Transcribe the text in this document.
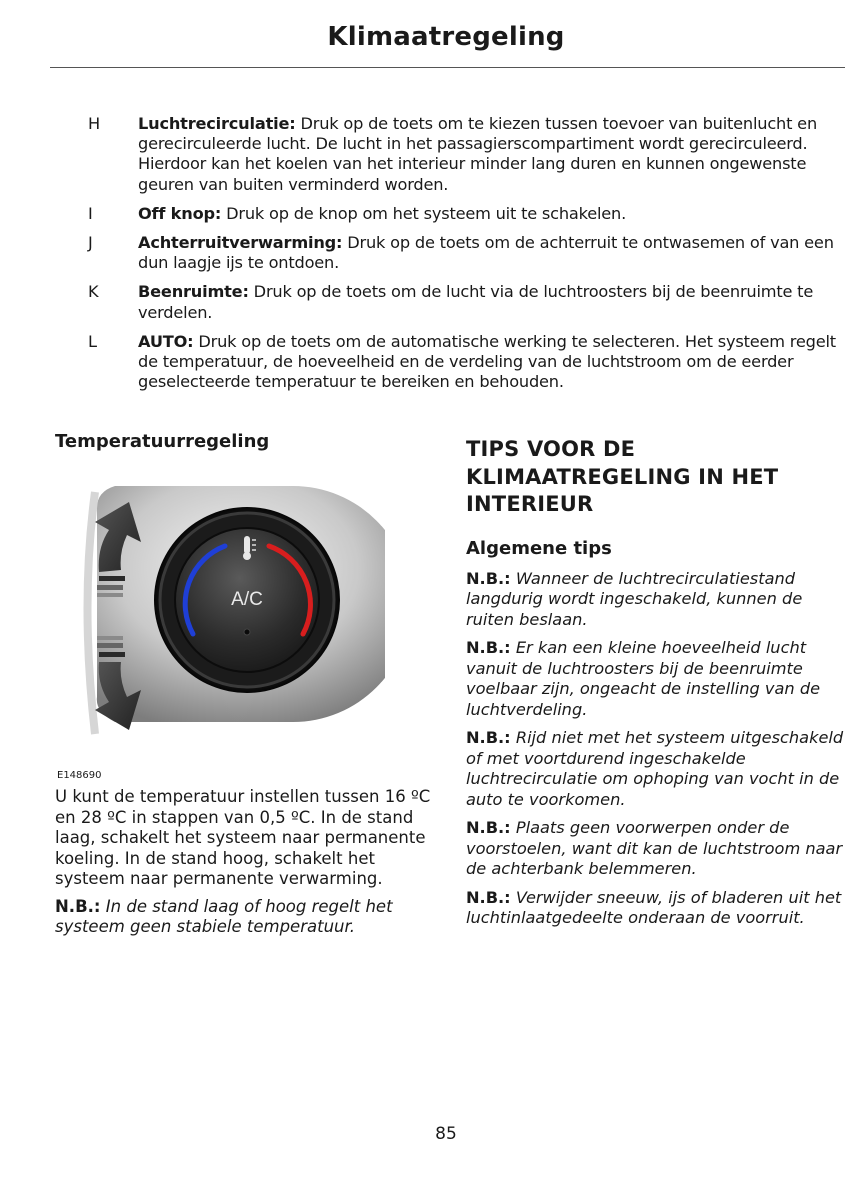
Klimaatregeling
H	Luchtrecirculatie: Druk op de toets om te kiezen tussen toevoer van buitenlucht en gerecirculeerde lucht. De lucht in het passagierscompartiment wordt gerecirculeerd. Hierdoor kan het koelen van het interieur minder lang duren en kunnen ongewenste geuren van buiten verminderd worden.
I	Off knop: Druk op de knop om het systeem uit te schakelen.
J	Achterruitverwarming: Druk op de toets om de achterruit te ontwasemen of van een dun laagje ijs te ontdoen.
K	Beenruimte: Druk op de toets om de lucht via de luchtroosters bij de beenruimte te verdelen.
L	AUTO: Druk op de toets om de automatische werking te selecteren. Het systeem regelt de temperatuur, de hoeveelheid en de verdeling van de luchtstroom om de eerder geselecteerde temperatuur te bereiken en behouden.
Temperatuurregeling
A/C
E148690

U kunt de temperatuur instellen tussen 16 ºC en 28 ºC in stappen van 0,5 ºC. In de stand laag, schakelt het systeem naar permanente koeling. In de stand hoog, schakelt het systeem naar permanente verwarming.

N.B.: In de stand laag of hoog regelt het systeem geen stabiele temperatuur.

TIPS VOOR DE KLIMAATREGELING IN HET INTERIEUR
Algemene tips

N.B.: Wanneer de luchtrecirculatiestand langdurig wordt ingeschakeld, kunnen de ruiten beslaan.

N.B.: Er kan een kleine hoeveelheid lucht vanuit de luchtroosters bij de beenruimte voelbaar zijn, ongeacht de instelling van de luchtverdeling.

N.B.: Rijd niet met het systeem uitgeschakeld of met voortdurend ingeschakelde luchtrecirculatie om ophoping van vocht in de auto te voorkomen.

N.B.: Plaats geen voorwerpen onder de voorstoelen, want dit kan de luchtstroom naar de achterbank belemmeren.

N.B.: Verwijder sneeuw, ijs of bladeren uit het luchtinlaatgedeelte onderaan de voorruit.

85
